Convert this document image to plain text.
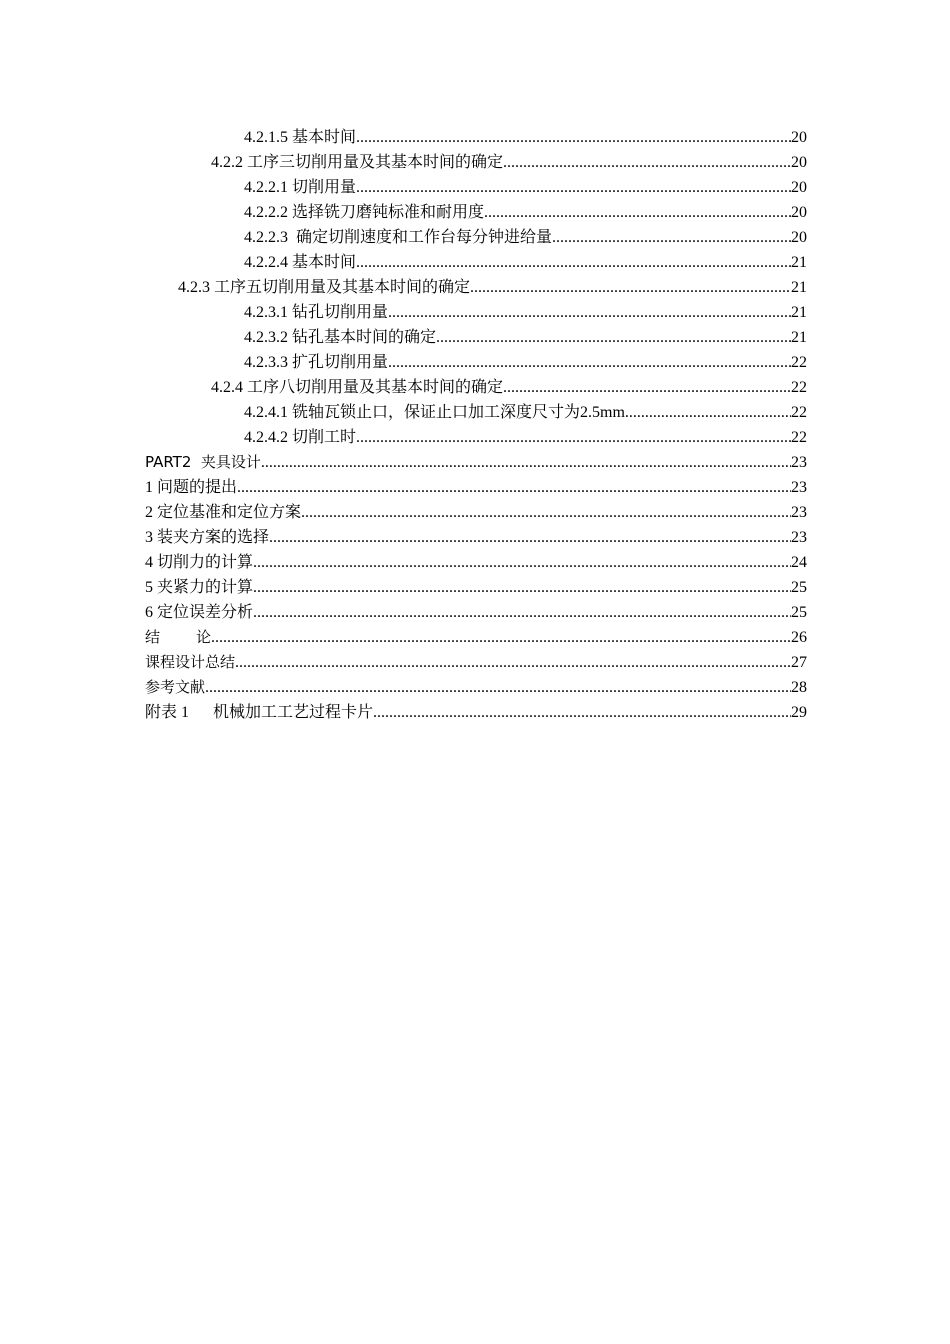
4.2.1.5 基本时间 .....	20
4.2.2 工序三切削用量及其基本时间的确定 .....	20
4.2.2.1 切削用量 .....	20
4.2.2.2 选择铣刀磨钝标准和耐用度 .....	20
4.2.2.3  确定切削速度和工作台每分钟进给量 .....	20
4.2.2.4 基本时间 .....	21
4.2.3 工序五切削用量及其基本时间的确定 .....	21
4.2.3.1 钻孔切削用量 .....	21
4.2.3.2 钻孔基本时间的确定 .....	21
4.2.3.3 扩孔切削用量 .....	22
4.2.4 工序八切削用量及其基本时间的确定 .....	22
4.2.4.1 铣轴瓦锁止口，保证止口加工深度尺寸为2.5mm .....	22
4.2.4.2 切削工时 .....	22
PART2  夹具设计 .....	23
1 问题的提出 .....	23
2 定位基准和定位方案 .....	23
3 装夹方案的选择 .....	23
4 切削力的计算 .....	24
5 夹紧力的计算 .....	25
6 定位误差分析 .....	25
结 论 .....	26
课程设计总结 .....	27
参考文献 .....	28
附表 1      机械加工工艺过程卡片 .....	29
